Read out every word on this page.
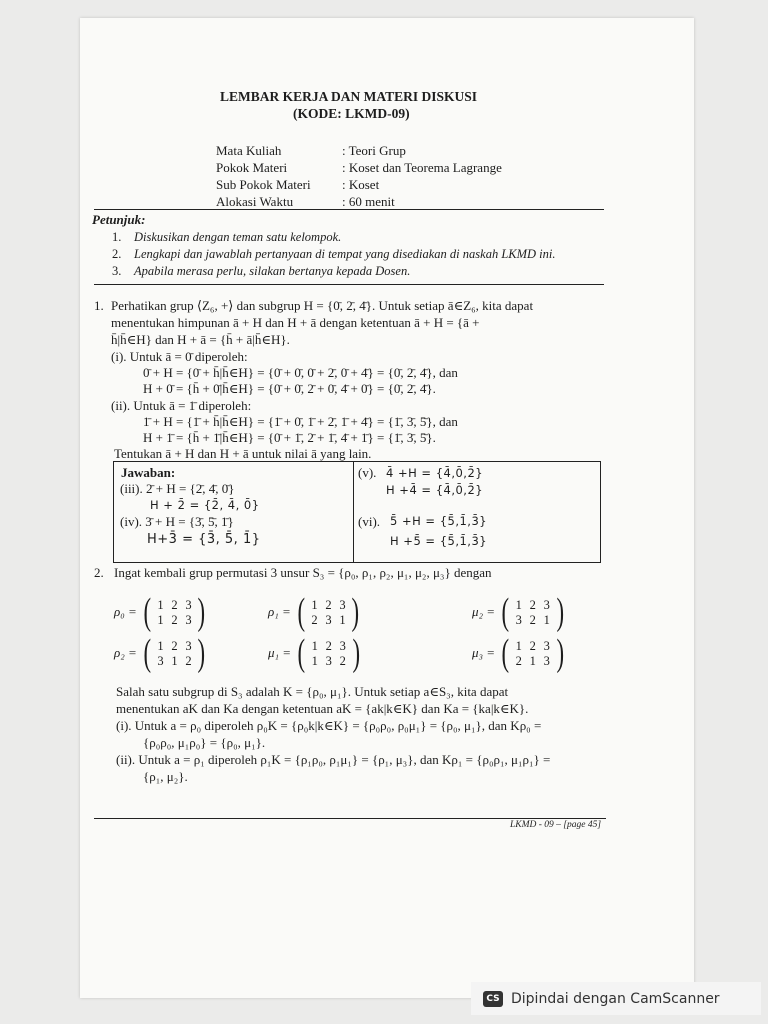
LEMBAR KERJA DAN MATERI DISKUSI
(KODE: LKMD-09)
Mata Kuliah	: Teori Grup
Pokok Materi	: Koset dan Teorema Lagrange
Sub Pokok Materi : Koset
Alokasi Waktu	: 60 menit
Petunjuk:
1. Diskusikan dengan teman satu kelompok.
2. Lengkapi dan jawablah pertanyaan di tempat yang disediakan di naskah LKMD ini.
3. Apabila merasa perlu, silakan bertanya kepada Dosen.
1. Perhatikan grup ⟨Z₆, +⟩ dan subgrup H = {0̄, 2̄, 4̄}. Untuk setiap ā∈Z₆, kita dapat
menentukan himpunan ā + H dan H + ā dengan ketentuan ā + H = {ā +
h̄|h̄∈H} dan H + ā = {h̄ + ā|h̄∈H}.
(i). Untuk ā = 0̄ diperoleh:
0̄ + H = {0̄ + h̄|h̄∈H} = {0̄ + 0̄, 0̄ + 2̄, 0̄ + 4̄} = {0̄, 2̄, 4̄}, dan
H + 0̄ = {h̄ + 0̄|h̄∈H} = {0̄ + 0̄, 2̄ + 0̄, 4̄ + 0̄} = {0̄, 2̄, 4̄}.
(ii). Untuk ā = 1̄ diperoleh:
1̄ + H = {1̄ + h̄|h̄∈H} = {1̄ + 0̄, 1̄ + 2̄, 1̄ + 4̄} = {1̄, 3̄, 5̄}, dan
H + 1̄ = {h̄ + 1̄|h̄∈H} = {0̄ + 1̄, 2̄ + 1̄, 4̄ + 1̄} = {1̄, 3̄, 5̄}.
Tentukan ā + H dan H + ā untuk nilai ā yang lain.
Jawaban:
(iii). 2̄ + H = {2̄, 4̄, 0̄}
H + 2̄ = {2̄, 4̄, 0̄}
(iv). 3̄ + H = {3̄, 5̄, 1̄}
H+3̄ = {3̄, 5̄, 1̄}
(v). 4̄ +H = {4̄,0̄,2̄}
H +4̄ = {4̄,0̄,2̄}
(vi). 5̄ +H = {5̄,1̄,3̄}
H +5̄ = {5̄,1̄,3̄}
2. Ingat kembali grup permutasi 3 unsur S₃ = {ρ₀, ρ₁, ρ₂, μ₁, μ₂, μ₃} dengan
ρ₀ = ( 1 2 3
1 2 3 )	ρ₁ = ( 1 2 3
2 3 1 )	μ₂ = ( 1 2 3
3 2 1 )
ρ₂ = ( 1 2 3
3 1 2 )	μ₁ = ( 1 2 3
1 3 2 )	μ₃ = ( 1 2 3
2 1 3 )
Salah satu subgrup di S₃ adalah K = {ρ₀, μ₁}. Untuk setiap a∈S₃, kita dapat
menentukan aK dan Ka dengan ketentuan aK = {ak|k∈K} dan Ka = {ka|k∈K}.
(i). Untuk a = ρ₀ diperoleh ρ₀K = {ρ₀k|k∈K} = {ρ₀ρ₀, ρ₀μ₁} = {ρ₀, μ₁}, dan Kρ₀ =
{ρ₀ρ₀, μ₁ρ₀} = {ρ₀, μ₁}.
(ii). Untuk a = ρ₁ diperoleh ρ₁K = {ρ₁ρ₀, ρ₁μ₁} = {ρ₁, μ₃}, dan Kρ₁ = {ρ₀ρ₁, μ₁ρ₁} =
{ρ₁, μ₂}.
LKMD - 09 – [page 45]
CS Dipindai dengan CamScanner
